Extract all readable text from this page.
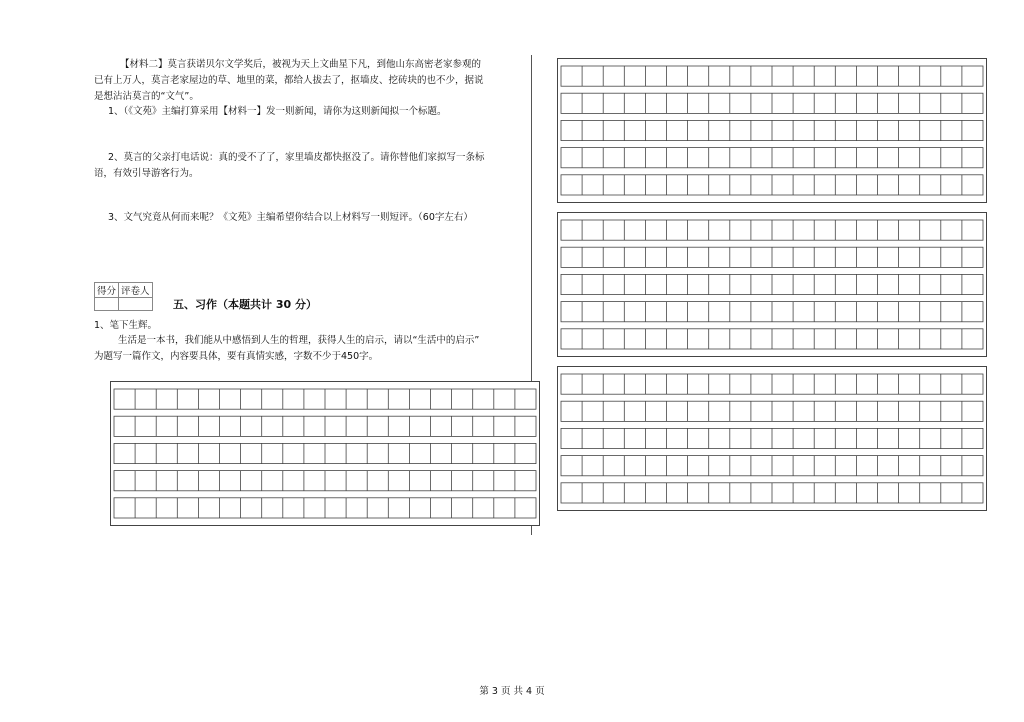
【材料二】莫言获诺贝尔文学奖后，被视为天上文曲星下凡，到他山东高密老家参观的
已有上万人，莫言老家屋边的草、地里的菜，都给人拔去了，抠墙皮、挖砖块的也不少，据说
是想沾沾莫言的“文气”。
1、（《文苑》主编打算采用【材料一】发一则新闻，请你为这则新闻拟一个标题。
2、莫言的父亲打电话说：真的受不了了，家里墙皮都快抠没了。请你替他们家拟写一条标
语，有效引导游客行为。
3、文气究竟从何而来呢？《文苑》主编希望你结合以上材料写一则短评。（60字左右）
得分	评卷人

五、习作（本题共计 30 分）
1、笔下生辉。
生活是一本书，我们能从中感悟到人生的哲理，获得人生的启示，请以“生活中的启示”
为题写一篇作文，内容要具体，要有真情实感，字数不少于450字。
第 3 页 共 4 页
